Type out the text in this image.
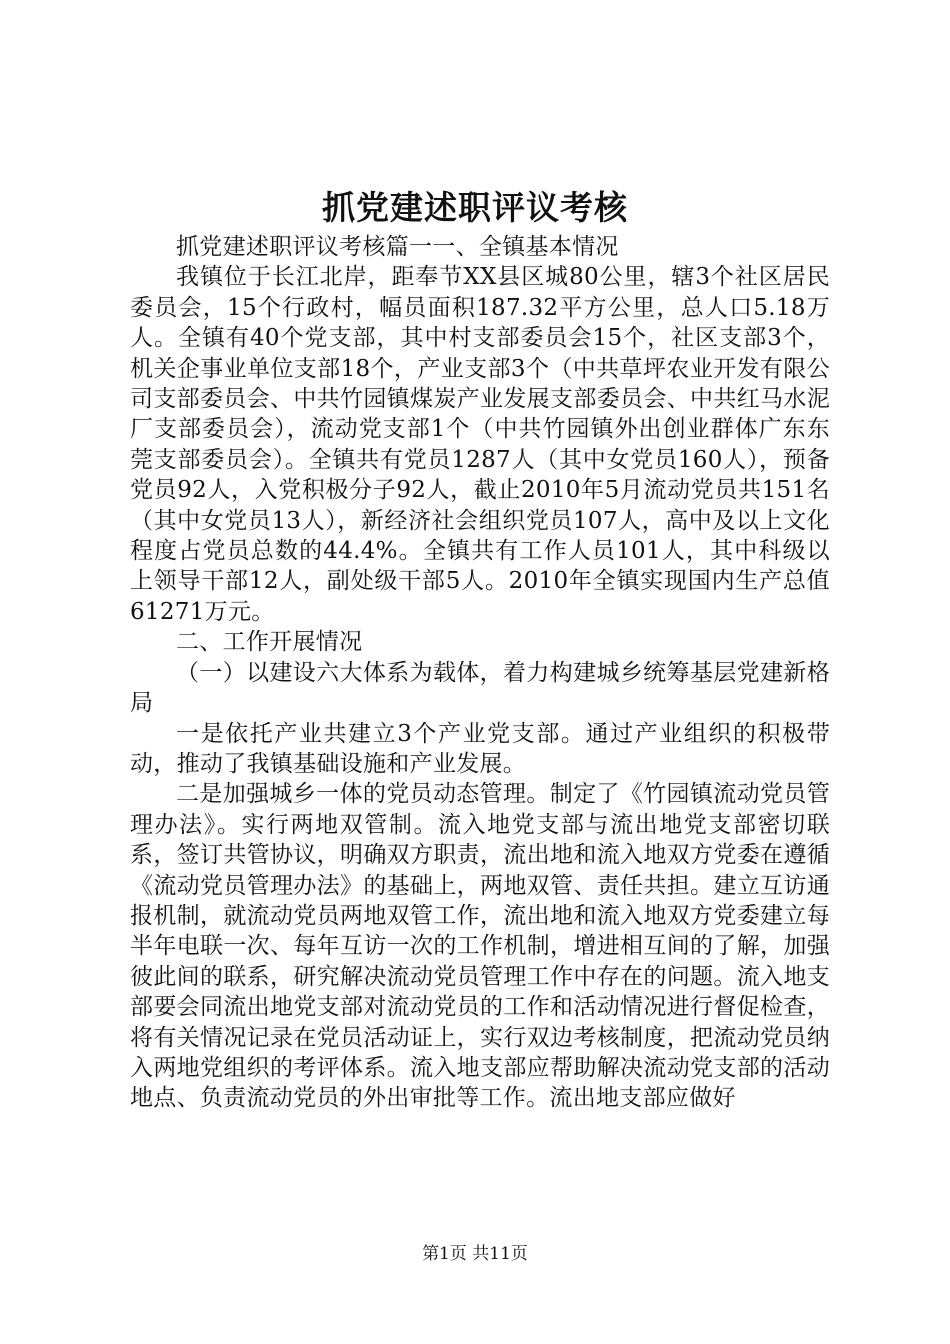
抓党建述职评议考核

抓党建述职评议考核篇一一、全镇基本情况

我镇位于长江北岸，距奉节XX县区城80公里，辖3个社区居民委员会，15个行政村，幅员面积187.32平方公里，总人口5.18万人。全镇有40个党支部，其中村支部委员会15个，社区支部3个，机关企事业单位支部18个，产业支部3个（中共草坪农业开发有限公司支部委员会、中共竹园镇煤炭产业发展支部委员会、中共红马水泥厂支部委员会），流动党支部1个（中共竹园镇外出创业群体广东东莞支部委员会）。全镇共有党员1287人（其中女党员160人），预备党员92人，入党积极分子92人，截止2010年5月流动党员共151名（其中女党员13人），新经济社会组织党员107人，高中及以上文化程度占党员总数的44.4%。全镇共有工作人员101人，其中科级以上领导干部12人，副处级干部5人。2010年全镇实现国内生产总值61271万元。

二、工作开展情况

（一）以建设六大体系为载体，着力构建城乡统筹基层党建新格局

一是依托产业共建立3个产业党支部。通过产业组织的积极带动，推动了我镇基础设施和产业发展。

二是加强城乡一体的党员动态管理。制定了《竹园镇流动党员管理办法》。实行两地双管制。流入地党支部与流出地党支部密切联系，签订共管协议，明确双方职责，流出地和流入地双方党委在遵循《流动党员管理办法》的基础上，两地双管、责任共担。建立互访通报机制，就流动党员两地双管工作，流出地和流入地双方党委建立每半年电联一次、每年互访一次的工作机制，增进相互间的了解，加强彼此间的联系，研究解决流动党员管理工作中存在的问题。流入地支部要会同流出地党支部对流动党员的工作和活动情况进行督促检查，将有关情况记录在党员活动证上，实行双边考核制度，把流动党员纳入两地党组织的考评体系。流入地支部应帮助解决流动党支部的活动地点、负责流动党员的外出审批等工作。流出地支部应做好

第1页 共11页
